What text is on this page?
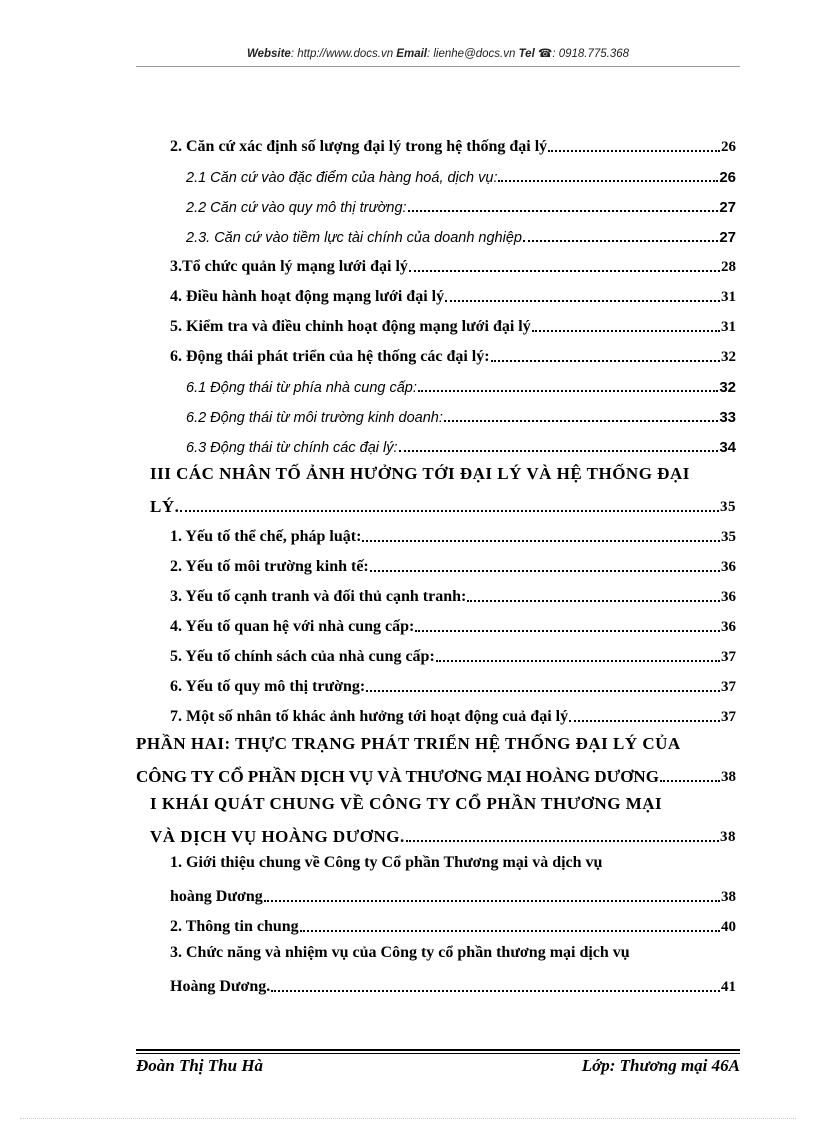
Website: http://www.docs.vn Email: lienhe@docs.vn Tel ☎: 0918.775.368
2. Căn cứ xác định số lượng đại lý trong hệ thống đại lý	26
2.1 Căn cứ vào đặc điểm của hàng hoá, dịch vụ:	26
2.2 Căn cứ vào quy mô thị trường:	27
2.3. Căn cứ vào tiềm lực tài chính của doanh nghiệp	27
3.Tổ chức quản lý mạng lưới đại lý	28
4. Điều hành hoạt động mạng lưới đại lý	31
5. Kiểm tra và điều chỉnh hoạt động mạng lưới đại lý	31
6. Động thái phát triển của hệ thống các đại lý:	32
6.1 Động thái từ phía nhà cung cấp:	32
6.2 Động thái từ môi trường kinh doanh:	33
6.3 Động thái từ chính các đại lý:	34
III CÁC NHÂN TỐ ẢNH HƯỞNG TỚI ĐẠI LÝ VÀ HỆ THỐNG ĐẠI
LÝ.	35
1. Yếu tố thể chế, pháp luật:	35
2. Yếu tố môi trường kinh tế:	36
3. Yếu tố cạnh tranh và đối thủ cạnh tranh:	36
4. Yếu tố quan hệ với nhà cung cấp:	36
5. Yếu tố chính sách của nhà cung cấp:	37
6. Yếu tố quy mô thị trường:	37
7. Một số nhân tố khác ảnh hưởng tới hoạt động cuả đại lý	37
PHẦN HAI: THỰC TRẠNG PHÁT TRIỂN HỆ THỐNG ĐẠI LÝ CỦA
CÔNG TY CỔ PHẦN DỊCH VỤ VÀ THƯƠNG MẠI HOÀNG DƯƠNG	38
I KHÁI QUÁT CHUNG VỀ CÔNG TY CỔ PHẦN THƯƠNG MẠI
VÀ DỊCH VỤ HOÀNG DƯƠNG.	38
1. Giới thiệu chung về Công ty Cổ phần Thương mại và dịch vụ
hoàng Dương	38
2. Thông tin chung	40
3. Chức năng và nhiệm vụ của Công ty cổ phần thương mại dịch vụ
Hoàng Dương.	41
Đoàn Thị Thu Hà	Lớp: Thương mại 46A
